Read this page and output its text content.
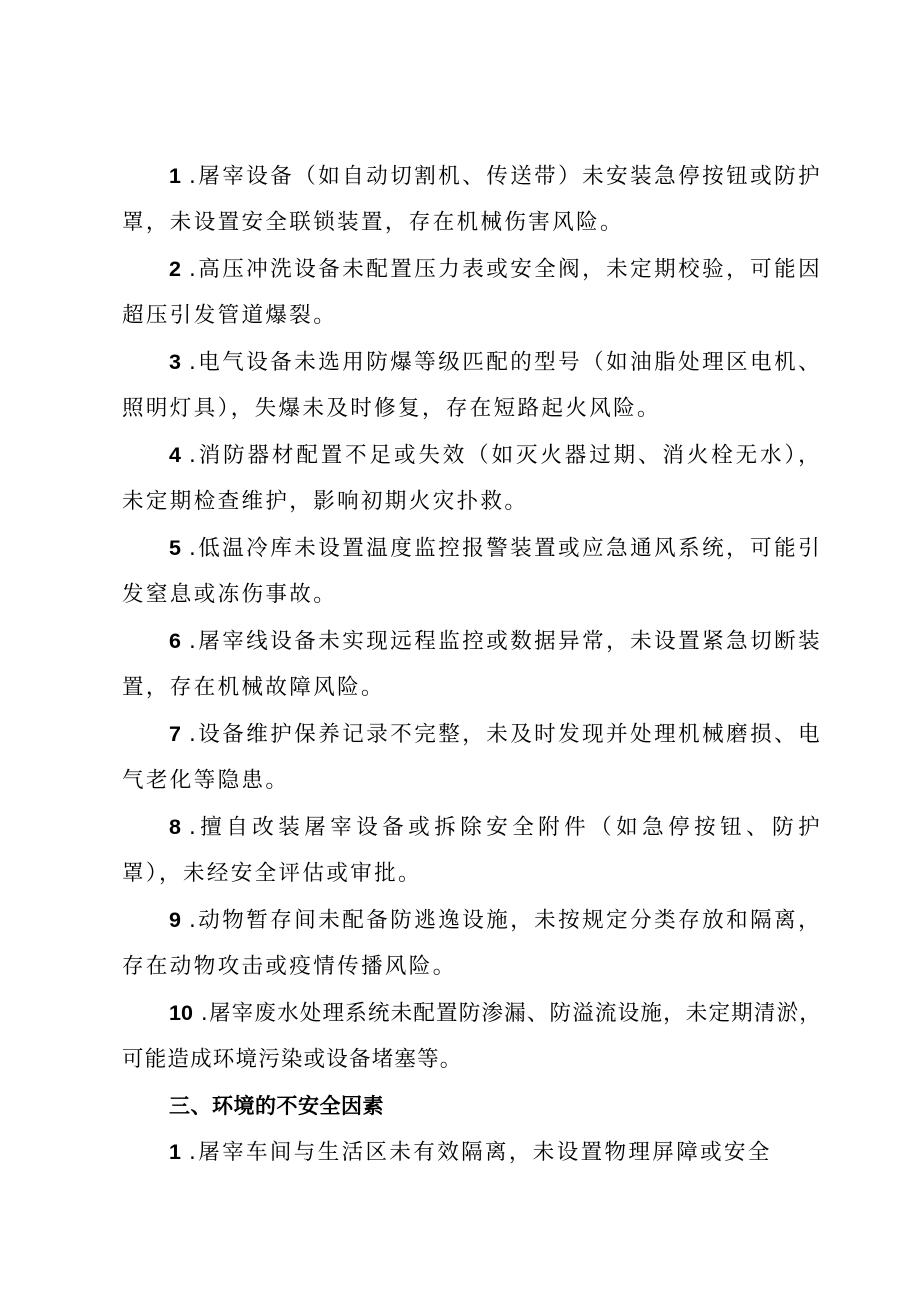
1 .屠宰设备（如自动切割机、传送带）未安装急停按钮或防护罩，未设置安全联锁装置，存在机械伤害风险。

2 .高压冲洗设备未配置压力表或安全阀，未定期校验，可能因超压引发管道爆裂。

3 .电气设备未选用防爆等级匹配的型号（如油脂处理区电机、照明灯具），失爆未及时修复，存在短路起火风险。

4 .消防器材配置不足或失效（如灭火器过期、消火栓无水），未定期检查维护，影响初期火灾扑救。

5 .低温冷库未设置温度监控报警装置或应急通风系统，可能引发窒息或冻伤事故。

6 .屠宰线设备未实现远程监控或数据异常，未设置紧急切断装置，存在机械故障风险。

7 .设备维护保养记录不完整，未及时发现并处理机械磨损、电气老化等隐患。

8 .擅自改装屠宰设备或拆除安全附件（如急停按钮、防护罩），未经安全评估或审批。

9 .动物暂存间未配备防逃逸设施，未按规定分类存放和隔离，存在动物攻击或疫情传播风险。

10 .屠宰废水处理系统未配置防渗漏、防溢流设施，未定期清淤，可能造成环境污染或设备堵塞等。

三、环境的不安全因素

1 .屠宰车间与生活区未有效隔离，未设置物理屏障或安全
